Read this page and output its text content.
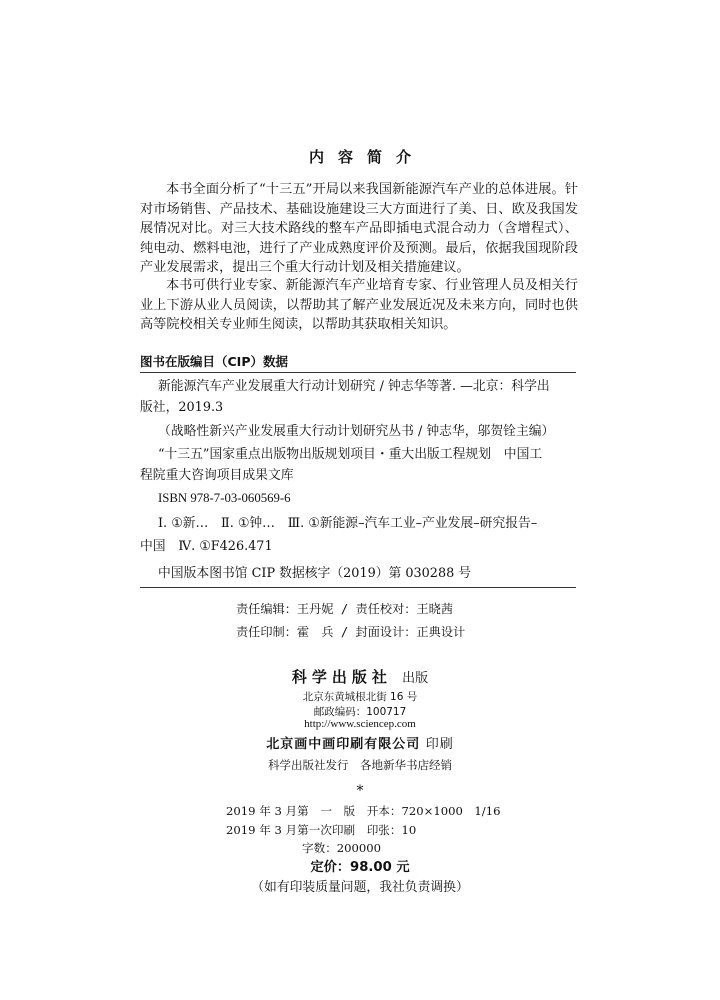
内容简介

本书全面分析了“十三五”开局以来我国新能源汽车产业的总体进展。针对市场销售、产品技术、基础设施建设三大方面进行了美、日、欧及我国发展情况对比。对三大技术路线的整车产品即插电式混合动力（含增程式）、纯电动、燃料电池，进行了产业成熟度评价及预测。最后，依据我国现阶段产业发展需求，提出三个重大行动计划及相关措施建议。

本书可供行业专家、新能源汽车产业培育专家、行业管理人员及相关行业上下游从业人员阅读，以帮助其了解产业发展近况及未来方向，同时也供高等院校相关专业师生阅读，以帮助其获取相关知识。

图书在版编目（CIP）数据

新能源汽车产业发展重大行动计划研究 / 钟志华等著. —北京：科学出

版社，2019.3

（战略性新兴产业发展重大行动计划研究丛书 / 钟志华，邬贺铨主编）

“十三五”国家重点出版物出版规划项目・重大出版工程规划　中国工

程院重大咨询项目成果文库

ISBN 978-7-03-060569-6

Ⅰ. ①新…　Ⅱ. ①钟…　Ⅲ. ①新能源–汽车工业–产业发展–研究报告–

中国　Ⅳ. ①F426.471

中国版本图书馆 CIP 数据核字（2019）第 030288 号

责任编辑：王丹妮 / 责任校对：王晓茜

责任印制：霍　兵 / 封面设计：正典设计

科学出版社 出版

北京东黄城根北街 16 号

邮政编码：100717

http://www.sciencep.com

北京画中画印刷有限公司 印刷

科学出版社发行　各地新华书店经销

*

2019 年 3 月第　一　版　开本：720×1000　1/16

2019 年 3 月第一次印刷　印张：10

字数：200000

定价：98.00 元

（如有印装质量问题，我社负责调换）
